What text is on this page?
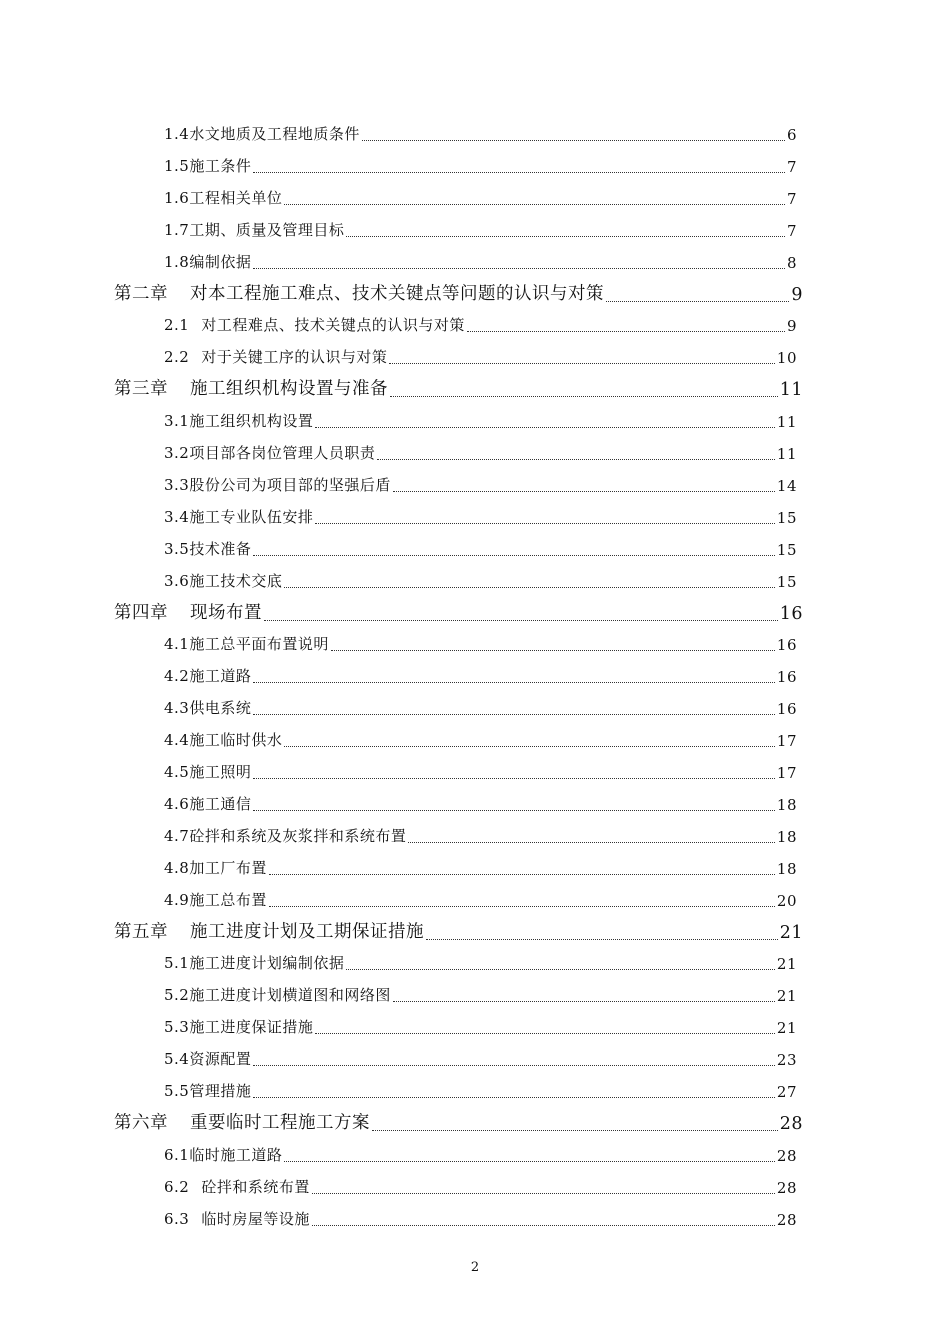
1.4水文地质及工程地质条件	6
1.5施工条件	7
1.6工程相关单位	7
1.7工期、质量及管理目标	7
1.8编制依据	8
第二章 对本工程施工难点、技术关键点等问题的认识与对策	9
2.1 对工程难点、技术关键点的认识与对策	9
2.2 对于关键工序的认识与对策	10
第三章 施工组织机构设置与准备	11
3.1施工组织机构设置	11
3.2项目部各岗位管理人员职责	11
3.3股份公司为项目部的坚强后盾	14
3.4施工专业队伍安排	15
3.5技术准备	15
3.6施工技术交底	15
第四章 现场布置	16
4.1施工总平面布置说明	16
4.2施工道路	16
4.3供电系统	16
4.4施工临时供水	17
4.5施工照明	17
4.6施工通信	18
4.7砼拌和系统及灰浆拌和系统布置	18
4.8加工厂布置	18
4.9施工总布置	20
第五章 施工进度计划及工期保证措施	21
5.1施工进度计划编制依据	21
5.2施工进度计划横道图和网络图	21
5.3施工进度保证措施	21
5.4资源配置	23
5.5管理措施	27
第六章 重要临时工程施工方案	28
6.1临时施工道路	28
6.2 砼拌和系统布置	28
6.3 临时房屋等设施	28
2
